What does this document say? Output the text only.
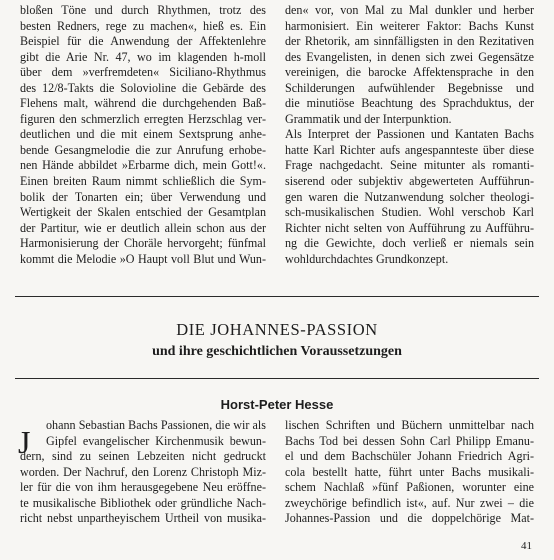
bloßen Töne und durch Rhythmen, trotz des
besten Redners, rege zu machen«, hieß es. Ein
Beispiel für die Anwendung der Affektenlehre
gibt die Arie Nr. 47, wo im klagenden h-moll
über dem »verfremdeten« Siciliano-Rhythmus
des 12/8-Takts die Solovioline die Gebärde des
Flehens malt, während die durchgehenden Baß-
figuren den schmerzlich erregten Herzschlag ver-
deutlichen und die mit einem Sextsprung anhe-
bende Gesangmelodie die zur Anrufung erhobe-
nen Hände abbildet »Erbarme dich, mein Gott!«.
Einen breiten Raum nimmt schließlich die Sym-
bolik der Tonarten ein; über Verwendung und
Wertigkeit der Skalen entschied der Gesamtplan
der Partitur, wie er deutlich allein schon aus der
Harmonisierung der Choräle hervorgeht; fünfmal
kommt die Melodie »O Haupt voll Blut und Wun-
den« vor, von Mal zu Mal dunkler und herber
harmonisiert. Ein weiterer Faktor: Bachs Kunst
der Rhetorik, am sinnfälligsten in den Rezitativen
des Evangelisten, in denen sich zwei Gegensätze
vereinigen, die barocke Affektensprache in den
Schilderungen aufwühlender Begebnisse und
die minutiöse Beachtung des Sprachduktus, der
Grammatik und der Interpunktion.
Als Interpret der Passionen und Kantaten Bachs
hatte Karl Richter aufs angespannteste über diese
Frage nachgedacht. Seine mitunter als romanti-
siserend oder subjektiv abgewerteten Aufführun-
gen waren die Nutzanwendung solcher theologi-
sch-musikalischen Studien. Wohl verschob Karl
Richter nicht selten von Aufführung zu Aufführu-
ng die Gewichte, doch verließ er niemals sein
wohldurchdachtes Grundkonzept.
DIE JOHANNES-PASSION
und ihre geschichtlichen Voraussetzungen
Horst-Peter Hesse
J	ohann Sebastian Bachs Passionen, die wir als
Gipfel evangelischer Kirchenmusik bewun-
dern, sind zu seinen Lebzeiten nicht gedruckt
worden. Der Nachruf, den Lorenz Christoph Miz-
ler für die von ihm herausgegebene Neu eröffne-
te musikalische Bibliothek oder gründliche Nach-
richt nebst unpartheyischem Urtheil von musika-
lischen Schriften und Büchern unmittelbar nach
Bachs Tod bei dessen Sohn Carl Philipp Emanu-
el und dem Bachschüler Johann Friedrich Agri-
cola bestellt hatte, führt unter Bachs musikali-
schem Nachlaß »fünf Paßionen, worunter eine
zweychörige befindlich ist«, auf. Nur zwei – die
Johannes-Passion und die doppelchörige Mat-
41
